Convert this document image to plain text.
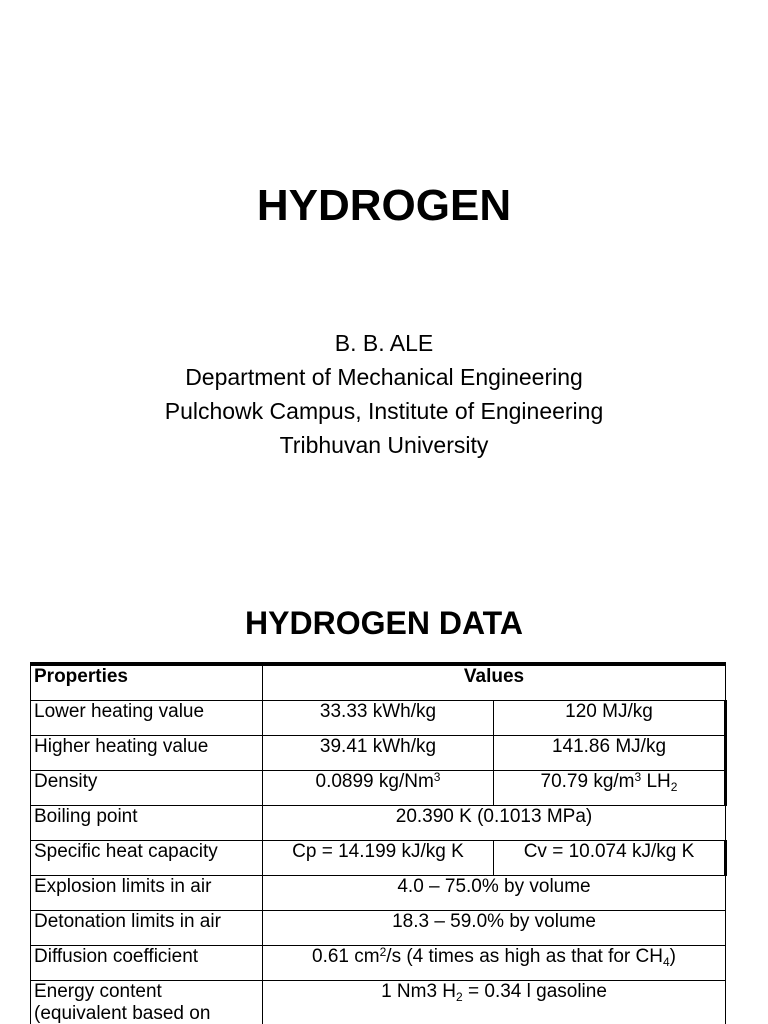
HYDROGEN
B. B. ALE
Department of Mechanical Engineering
Pulchowk Campus, Institute of Engineering
Tribhuvan University
HYDROGEN DATA
Properties	Values	
Lower heating value	33.33 kWh/kg	120 MJ/kg
Higher heating value	39.41 kWh/kg	141.86 MJ/kg
Density	0.0899 kg/Nm$^3$	70.79 $kg/m^3$ $LH_2$
Boiling point	20.390 K (0.1013 MPa)	
Specific heat capacity	Cp = 14.199 kJ/kg K	Cv = 10.074 kJ/kg K
Explosion limits in air	4.0 – 75.0% by volume	
Detonation limits in air	18.3 – 59.0% by volume	
Diffusion coefficient	0.61 $cm^2/s$ (4 times as high as that for $CH_4$)	

Energy content
(equivalent based on	1 Nm3 $H_2 = 0.34$ l gasoline	
